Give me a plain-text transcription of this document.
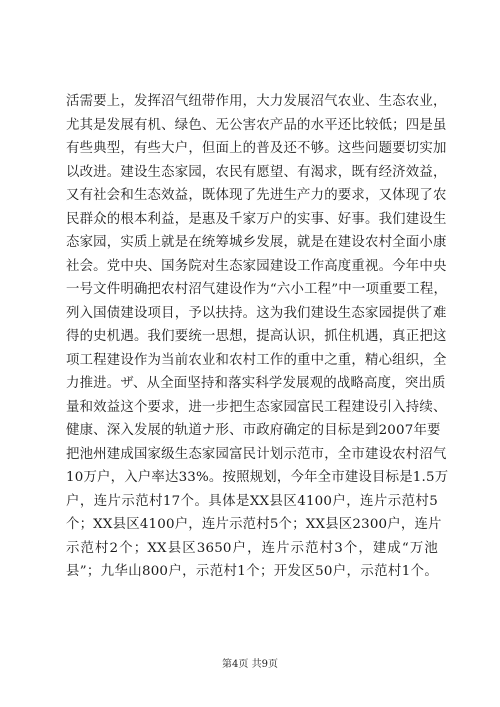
活需要上，发挥沼气纽带作用，大力发展沼气农业、生态农业，
尤其是发展有机、绿色、无公害农产品的水平还比较低；四是虽
有些典型，有些大户，但面上的普及还不够。这些问题要切实加
以改进。建设生态家园，农民有愿望、有渴求，既有经济效益，
又有社会和生态效益，既体现了先进生产力的要求，又体现了农
民群众的根本利益，是惠及千家万户的实事、好事。我们建设生
态家园，实质上就是在统筹城乡发展，就是在建设农村全面小康
社会。党中央、国务院对生态家园建设工作高度重视。今年中央
一号文件明确把农村沼气建设作为“六小工程”中一项重要工程，
列入国债建设项目，予以扶持。这为我们建设生态家园提供了难
得的史机遇。我们要统一思想，提高认识，抓住机遇，真正把这
项工程建设作为当前农业和农村工作的重中之重，精心组织，全
力推进。ザ、从全面坚持和落实科学发展观的战略高度，突出质
量和效益这个要求，进一步把生态家园富民工程建设引入持续、
健康、深入发展的轨道ナ形、市政府确定的目标是到2007年要
把池州建成国家级生态家园富民计划示范市，全市建设农村沼气
10万户，入户率达33%。按照规划，今年全市建设目标是1.5万
户，连片示范村17个。具体是XX县区4100户，连片示范村5
个；XX县区4100户，连片示范村5个；XX县区2300户，连片
示范村2个；XX县区3650户，连片示范村3个，建成“万池
县”；九华山800户，示范村1个；开发区50户，示范村1个。
第4页 共9页
